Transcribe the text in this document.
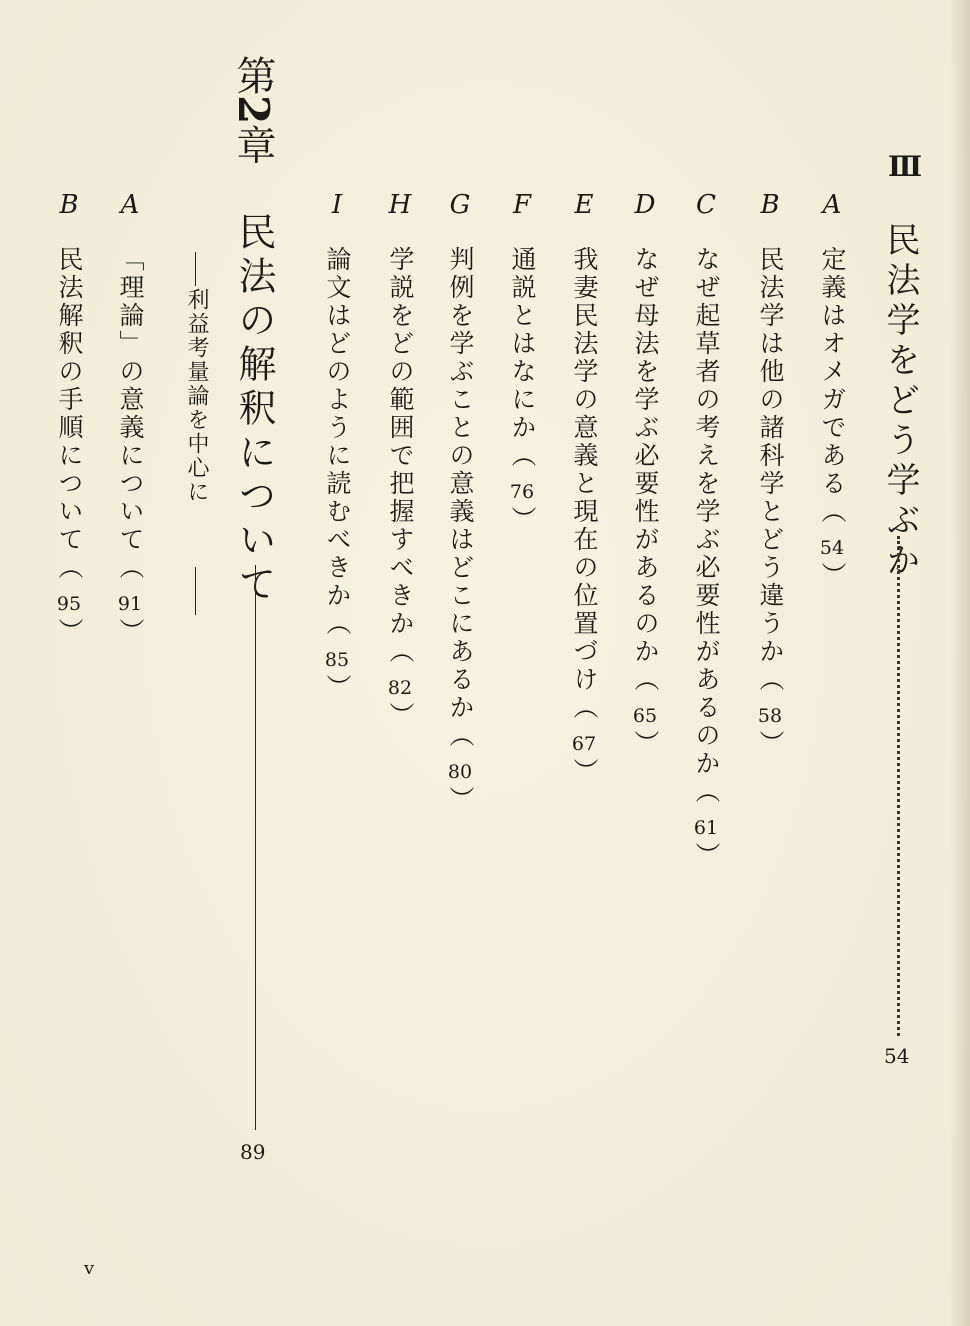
Ⅲ
民法学をどう学ぶか
54
A
定義はオメガである（54）
B
民法学は他の諸科学とどう違うか（58）
C
なぜ起草者の考えを学ぶ必要性があるのか（61）
D
なぜ母法を学ぶ必要性があるのか（65）
E
我妻民法学の意義と現在の位置づけ（67）
F
通説とはなにか（76）
G
判例を学ぶことの意義はどこにあるか（80）
H
学説をどの範囲で把握すべきか（82）
I
論文はどのように読むべきか（85）
第2章
民法の解釈について
89
利益考量論を中心に
A
「理論」の意義について（91）
B
民法解釈の手順について（95）
v
